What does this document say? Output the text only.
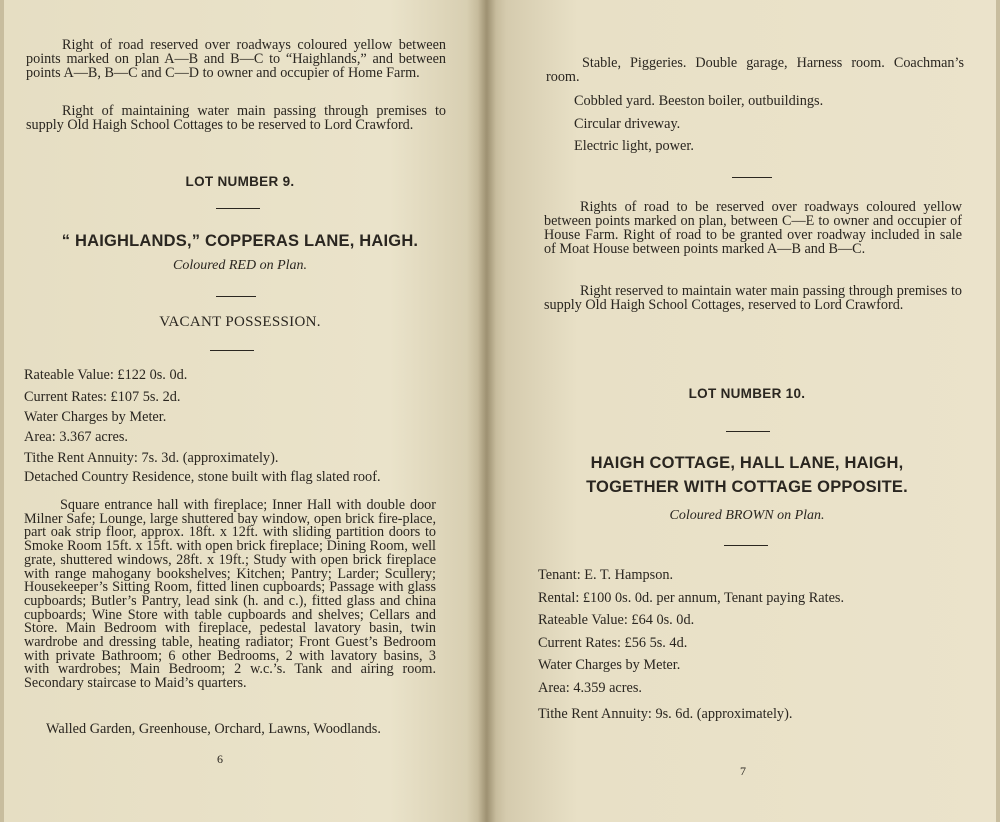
Right of road reserved over roadways coloured yellow between points marked on plan A—B and B—C to “Haighlands,” and between points A—B, B—C and C—D to owner and occupier of Home Farm.

Right of maintaining water main passing through premises to supply Old Haigh School Cottages to be reserved to Lord Crawford.

LOT NUMBER 9.

“ HAIGHLANDS,” COPPERAS LANE, HAIGH.

Coloured RED on Plan.

VACANT POSSESSION.

Rateable Value: £122 0s. 0d.

Current Rates: £107 5s. 2d.

Water Charges by Meter.

Area: 3.367 acres.

Tithe Rent Annuity: 7s. 3d. (approximately).

Detached Country Residence, stone built with flag slated roof.

Square entrance hall with fireplace; Inner Hall with double door Milner Safe; Lounge, large shuttered bay window, open brick fire-place, part oak strip floor, approx. 18ft. x 12ft. with sliding partition doors to Smoke Room 15ft. x 15ft. with open brick fireplace; Dining Room, well grate, shuttered windows, 28ft. x 19ft.; Study with open brick fireplace with range mahogany bookshelves; Kitchen; Pantry; Larder; Scullery; Housekeeper’s Sitting Room, fitted linen cupboards; Passage with glass cupboards; Butler’s Pantry, lead sink (h. and c.), fitted glass and china cupboards; Wine Store with table cupboards and shelves; Cellars and Store. Main Bedroom with fireplace, pedestal lavatory basin, twin wardrobe and dressing table, heating radiator; Front Guest’s Bedroom with private Bathroom; 6 other Bedrooms, 2 with lavatory basins, 3 with wardrobes; Main Bedroom; 2 w.c.’s. Tank and airing room. Secondary staircase to Maid’s quarters.

Walled Garden, Greenhouse, Orchard, Lawns, Woodlands.

6

Stable, Piggeries. Double garage, Harness room. Coachman’s room.

Cobbled yard. Beeston boiler, outbuildings.

Circular driveway.

Electric light, power.

Rights of road to be reserved over roadways coloured yellow between points marked on plan, between C—E to owner and occupier of House Farm. Right of road to be granted over roadway included in sale of Moat House between points marked A—B and B—C.

Right reserved to maintain water main passing through premises to supply Old Haigh School Cottages, reserved to Lord Crawford.

LOT NUMBER 10.

HAIGH COTTAGE, HALL LANE, HAIGH,

TOGETHER WITH COTTAGE OPPOSITE.

Coloured BROWN on Plan.

Tenant: E. T. Hampson.

Rental: £100 0s. 0d. per annum, Tenant paying Rates.

Rateable Value: £64 0s. 0d.

Current Rates: £56 5s. 4d.

Water Charges by Meter.

Area: 4.359 acres.

Tithe Rent Annuity: 9s. 6d. (approximately).

7
